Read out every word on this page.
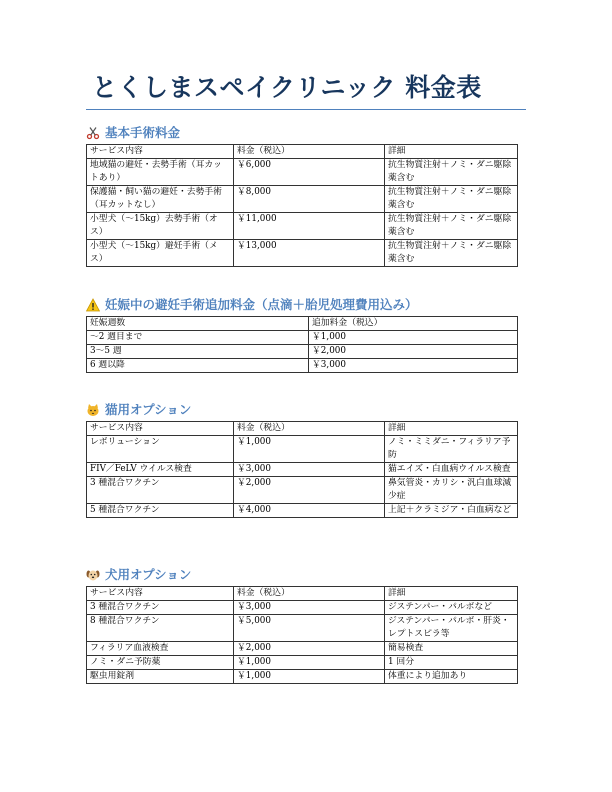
とくしまスペイクリニック 料金表
基本手術料金
サービス内容	料金（税込）	詳細
地域猫の避妊・去勢手術（耳カットあり）	￥6,000	抗生物質注射＋ノミ・ダニ駆除薬含む
保護猫・飼い猫の避妊・去勢手術（耳カットなし）	￥8,000	抗生物質注射＋ノミ・ダニ駆除薬含む
小型犬（〜15kg）去勢手術（オス）	￥11,000	抗生物質注射＋ノミ・ダニ駆除薬含む
小型犬（〜15kg）避妊手術（メス）	￥13,000	抗生物質注射＋ノミ・ダニ駆除薬含む
妊娠中の避妊手術追加料金（点滴＋胎児処理費用込み）
妊娠週数	追加料金（税込）
〜2 週目まで	￥1,000
3〜5 週	￥2,000
6 週以降	￥3,000
猫用オプション
サービス内容	料金（税込）	詳細
レボリューション	￥1,000	ノミ・ミミダニ・フィラリア予防
FIV／FeLV ウイルス検査	￥3,000	猫エイズ・白血病ウイルス検査
3 種混合ワクチン	￥2,000	鼻気管炎・カリシ・汎白血球減少症
5 種混合ワクチン	￥4,000	上記＋クラミジア・白血病など
犬用オプション
サービス内容	料金（税込）	詳細
3 種混合ワクチン	￥3,000	ジステンパー・パルボなど
8 種混合ワクチン	￥5,000	ジステンパー・パルボ・肝炎・レプトスピラ等
フィラリア血液検査	￥2,000	簡易検査
ノミ・ダニ予防薬	￥1,000	1 回分
駆虫用錠剤	￥1,000	体重により追加あり
